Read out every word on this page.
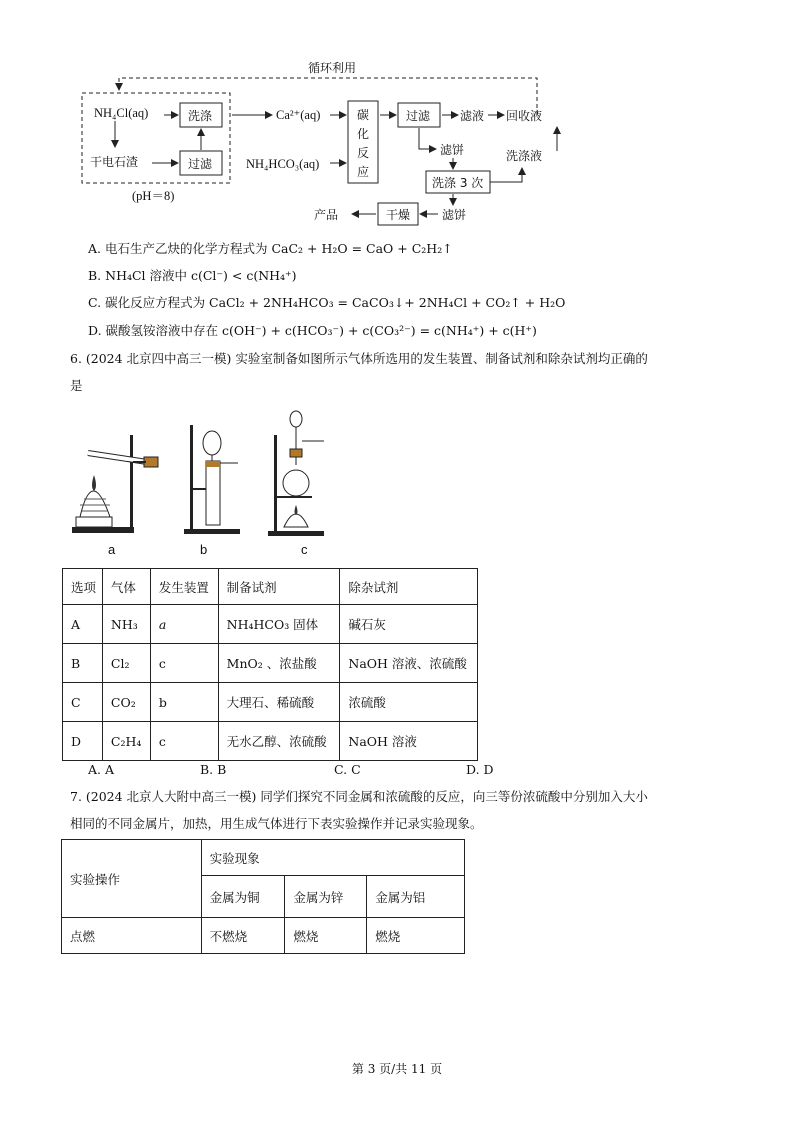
循环利用
NH₄Cl(aq)	洗涤
干电石渣	过滤
(pH＝8)
Ca²⁺(aq)
NH₄HCO₃(aq)
碳
化
反
应
过滤 滤液 回收液
滤饼
洗涤 3 次
洗涤液
滤饼
干燥
产品
A. 电石生产乙炔的化学方程式为 CaC₂ + H₂O = CaO + C₂H₂↑
B. NH₄Cl 溶液中 c(Cl⁻) < c(NH₄⁺)
C. 碳化反应方程式为 CaCl₂ + 2NH₄HCO₃ = CaCO₃↓+ 2NH₄Cl + CO₂↑ + H₂O
D. 碳酸氢铵溶液中存在 c(OH⁻) + c(HCO₃⁻) + c(CO₃²⁻) = c(NH₄⁺) + c(H⁺)
6. (2024 北京四中高三一模) 实验室制备如图所示气体所选用的发生装置、制备试剂和除杂试剂均正确的
是
a	b	c
选项	气体	发生装置	制备试剂	除杂试剂
A	NH₃	a	NH₄HCO₃ 固体	碱石灰
B	Cl₂	c	MnO₂ 、浓盐酸	NaOH 溶液、浓硫酸
C	CO₂	b	大理石、稀硫酸	浓硫酸
D	C₂H₄	c	无水乙醇、浓硫酸	NaOH 溶液
A. A	B. B	C. C	D. D
7. (2024 北京人大附中高三一模) 同学们探究不同金属和浓硫酸的反应，向三等份浓硫酸中分别加入大小
相同的不同金属片，加热，用生成气体进行下表实验操作并记录实验现象。
实验操作	实验现象		
	金属为铜	金属为锌	金属为铝
点燃	不燃烧	燃烧	燃烧
第 3 页/共 11 页
